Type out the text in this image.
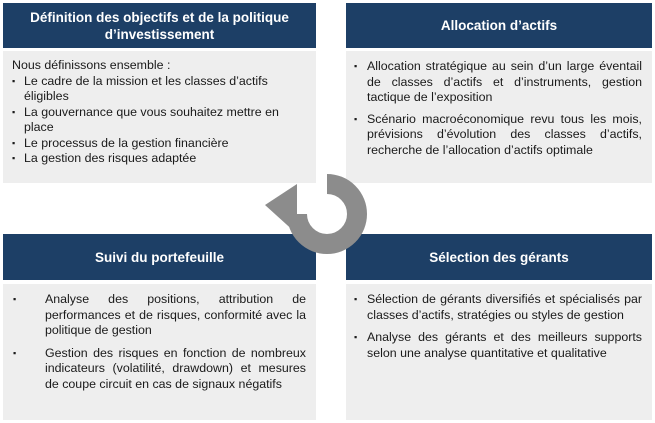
Définition des objectifs et de la politique d’investissement
Nous définissons ensemble :
▪ Le cadre de la mission et les classes d’actifs éligibles
▪ La gouvernance que vous souhaitez mettre en place
▪ Le processus de la gestion financière
▪ La gestion des risques adaptée
Allocation d’actifs
▪ Allocation stratégique au sein d’un large éventail de classes d’actifs et d’instruments, gestion tactique de l’exposition
▪ Scénario macroéconomique revu tous les mois, prévisions d’évolution des classes d’actifs, recherche de l’allocation d’actifs optimale
Suivi du portefeuille
▪ Analyse des positions, attribution de performances et de risques, conformité avec la politique de gestion
▪ Gestion des risques en fonction de nombreux indicateurs (volatilité, drawdown) et mesures de coupe circuit en cas de signaux négatifs
Sélection des gérants
▪ Sélection de gérants diversifiés et spécialisés par classes d’actifs, stratégies ou styles de gestion
▪ Analyse des gérants et des meilleurs supports selon une analyse quantitative et qualitative
